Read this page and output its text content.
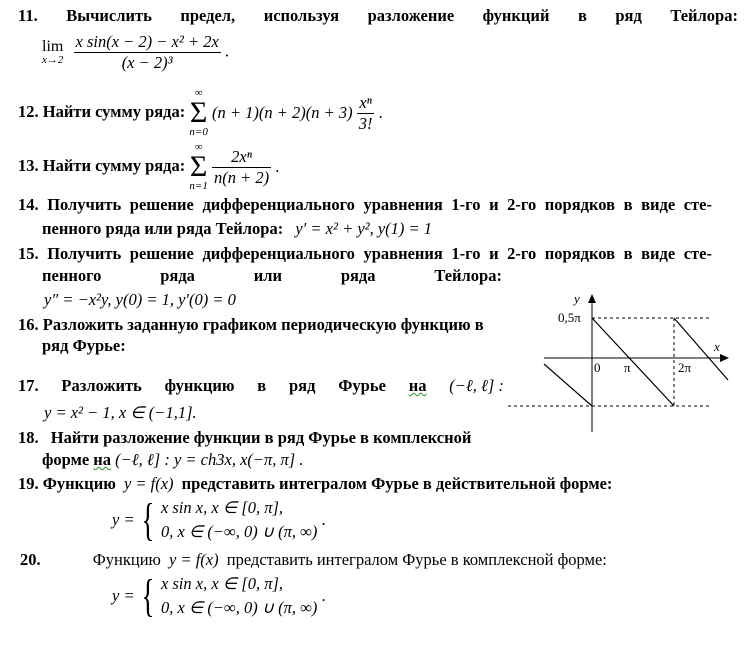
11. Вычислить предел, используя разложение функций в ряд Тейлора:
lim
x→2
$\frac{\text{x sin(x − 2) − x² + 2x}}{\text{(x − 2)³}}$ .
12. Найти сумму ряда:
∞
Σ
n=0
$(n + 1)(n + 2)(n + 3) \frac{\text{xⁿ}}{3!}$ .
13. Найти сумму ряда:
∞
Σ
n=1
$\frac{\text{2xⁿ}}{n(n + 2)}$ .
14. Получить решение дифференциального уравнения 1-го и 2-го порядков в виде сте-
пенного ряда или ряда Тейлора: y′ = x² + y², y(1) = 1
15. Получить решение дифференциального уравнения 1-го и 2-го порядков в виде сте-
пенного	ряда	или	ряда	Тейлора:
y″ = −x²y, y(0) = 1, y′(0) = 0
16. Разложить заданную графиком периодическую функцию в
ряд Фурье:
y
x
0,5π
0 π	2π
17. Разложить функцию в ряд Фурье на (−ℓ, ℓ] :
y = x² − 1, x ∈ (−1,1].
18. Найти разложение функции в ряд Фурье в комплексной
форме на (−ℓ, ℓ] : y = ch3x, x(−π, π] .
19. Функцию y = f(x) представить интегралом Фурье в действительной форме:
y = { x sin x, x ∈ [0, π],
0, x ∈ (−∞, 0) ∪ (π, ∞)
.
20.	Функцию y = f(x) представить интегралом Фурье в комплексной форме:
y = { x sin x, x ∈ [0, π],
0, x ∈ (−∞, 0) ∪ (π, ∞)
.
